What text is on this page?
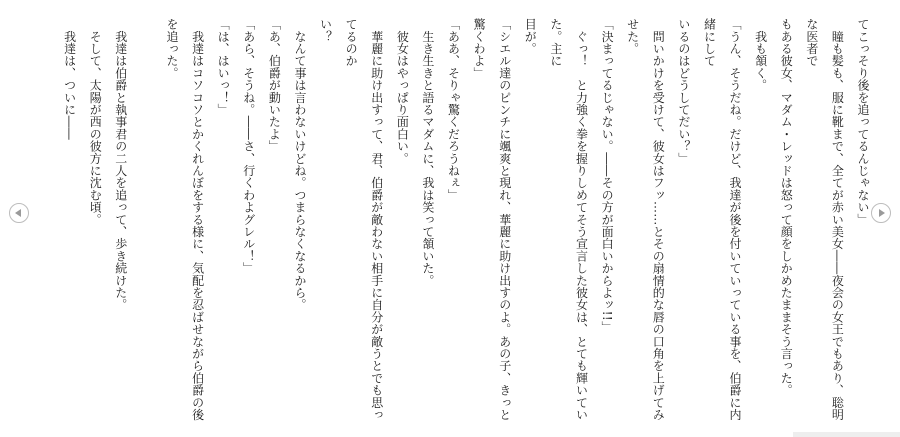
てこっそり後を追ってるんじゃない」

　瞳も髪も、服に靴まで、全てが赤い美女――夜会の女王でもあり、聡明な医者で

もある彼女、マダム・レッドは怒って顔をしかめたままそう言った。

　我も頷く。

「うん、そうだね。だけど、我達が後を付いていっている事を、伯爵に内緒にして

いるのはどうしてだい？」

　問いかけを受けて、彼女はフッ……とその扇情的な唇の口角を上げてみせた。

「決まってるじゃない。――その方が面白いからよッ!!」

　ぐっ！　と力強く拳を握りしめてそう宣言した彼女は、とても輝いていた。主に

目が。

「シエル達のピンチに颯爽と現れ、華麗に助け出すのよ。あの子、きっと驚くわよ」

「ああ、そりゃ驚くだろうねぇ」

　生き生きと語るマダムに、我は笑って頷いた。

　彼女はやっぱり面白い。

　華麗に助け出すって、君、伯爵が敵わない相手に自分が敵うとでも思ってるのか

い？

　なんて事は言わないけどね。つまらなくなるから。

「あ、伯爵が動いたよ」

「あら、そうね。――さ、行くわよグレル！」

「は、はいっ！」

　我達はコソコソとかくれんぼをする様に、気配を忍ばせながら伯爵の後を追った。

　我達は伯爵と執事君の二人を追って、歩き続けた。

　そして、太陽が西の彼方に沈む頃。

　我達は、ついに――
